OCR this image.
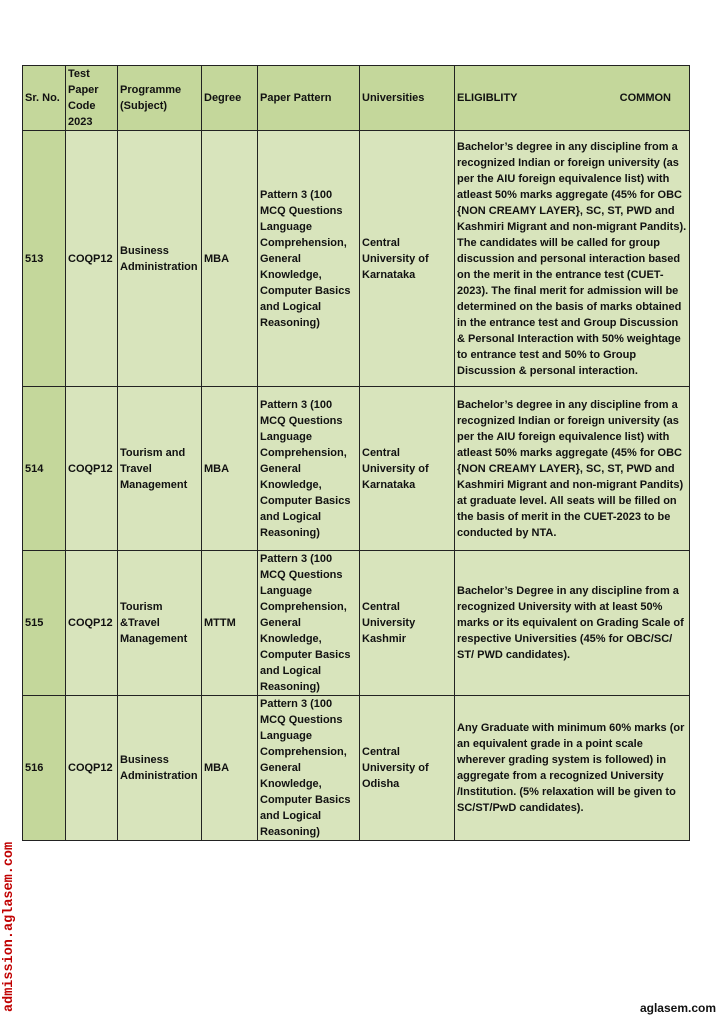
Sr. No.	Test Paper Code 2023	Programme (Subject)	Degree	Paper Pattern	Universities	ELIGIBLITY COMMON

513	COQP12	Business Administration	MBA	Pattern 3 (100 MCQ Questions Language Comprehension, General Knowledge, Computer Basics and Logical Reasoning)	Central University of Karnataka	Bachelor’s degree in any discipline from a recognized Indian or foreign university (as per the AIU foreign equivalence list) with atleast 50% marks aggregate (45% for OBC {NON CREAMY LAYER}, SC, ST, PWD and Kashmiri Migrant and non-migrant Pandits). The candidates will be called for group discussion and personal interaction based on the merit in the entrance test (CUET-2023). The final merit for admission will be determined on the basis of marks obtained in the entrance test and Group Discussion & Personal Interaction with 50% weightage to entrance test and 50% to Group Discussion & personal interaction.
514	COQP12	Tourism and Travel Management	MBA	Pattern 3 (100 MCQ Questions Language Comprehension, General Knowledge, Computer Basics and Logical Reasoning)	Central University of Karnataka	Bachelor’s degree in any discipline from a recognized Indian or foreign university (as per the AIU foreign equivalence list) with atleast 50% marks aggregate (45% for OBC {NON CREAMY LAYER}, SC, ST, PWD and Kashmiri Migrant and non-migrant Pandits) at graduate level. All seats will be filled on the basis of merit in the CUET-2023 to be conducted by NTA.
515	COQP12	Tourism &Travel Management	MTTM	Pattern 3 (100 MCQ Questions Language Comprehension, General Knowledge, Computer Basics and Logical Reasoning)	Central University Kashmir	Bachelor’s Degree in any discipline from a recognized University with at least 50% marks or its equivalent on Grading Scale of respective Universities (45% for OBC/SC/ ST/ PWD candidates).
516	COQP12	Business Administration	MBA	Pattern 3 (100 MCQ Questions Language Comprehension, General Knowledge, Computer Basics and Logical Reasoning)	Central University of Odisha	Any Graduate with minimum 60% marks (or an equivalent grade in a point scale wherever grading system is followed) in aggregate from a recognized University /Institution. (5% relaxation will be given to SC/ST/PwD candidates).
admission.aglasem.com	aglasem.com
